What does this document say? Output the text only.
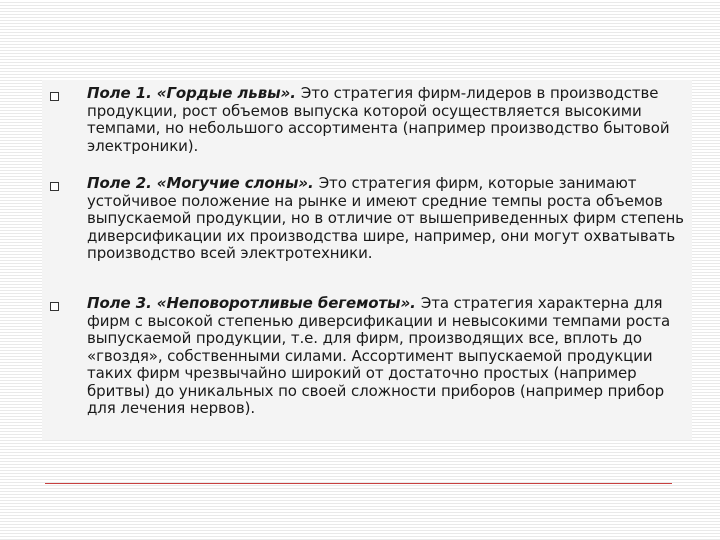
Поле 1. «Гордые львы». Это стратегия фирм-лидеров в производстве продукции, рост объемов выпуска которой осуществляется высокими темпами, но небольшого ассортимента (например производство бытовой электроники).
Поле 2. «Могучие слоны». Это стратегия фирм, которые занимают устойчивое положение на рынке и имеют средние темпы роста объемов выпускаемой продукции, но в отличие от вышеприведенных фирм степень диверсификации их производства шире, например, они могут охватывать производство всей электротехники.
Поле 3. «Неповоротливые бегемоты». Эта стратегия характерна для фирм с высокой степенью диверсификации и невысокими темпами роста выпускаемой продукции, т.е. для фирм, производящих все, вплоть до «гвоздя», собственными силами. Ассортимент выпускаемой продукции таких фирм чрезвычайно широкий от достаточно простых (например бритвы) до уникальных по своей сложности приборов (например прибор для лечения нервов).
